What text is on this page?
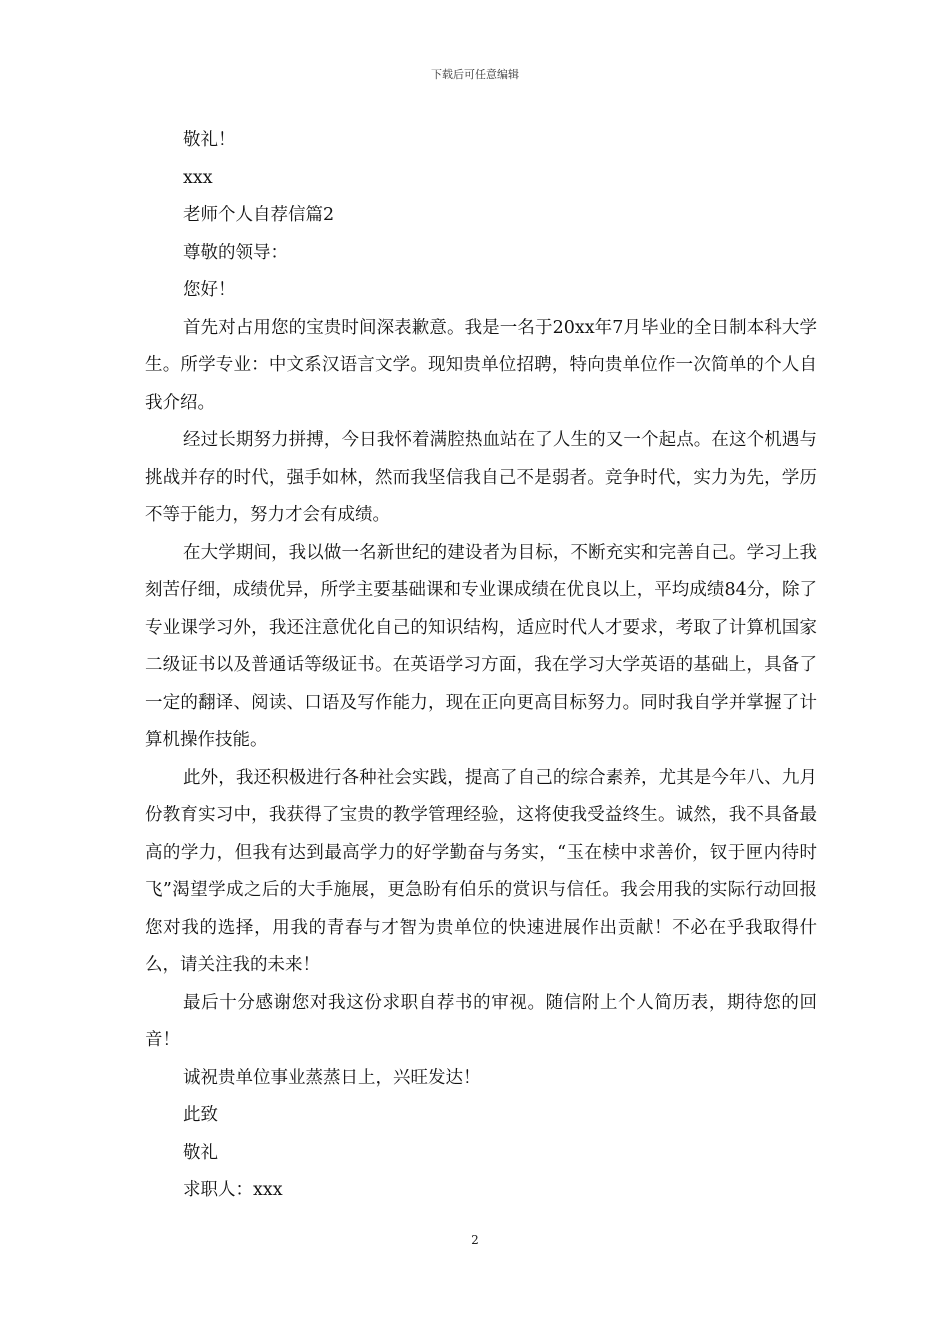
下载后可任意编辑
敬礼！
xxx
老师个人自荐信篇2
尊敬的领导：
您好！
首先对占用您的宝贵时间深表歉意。我是一名于20xx年7月毕业的全日制本科大学生。所学专业：中文系汉语言文学。现知贵单位招聘，特向贵单位作一次简单的个人自我介绍。
经过长期努力拼搏，今日我怀着满腔热血站在了人生的又一个起点。在这个机遇与挑战并存的时代，强手如林，然而我坚信我自己不是弱者。竞争时代，实力为先，学历不等于能力，努力才会有成绩。
在大学期间，我以做一名新世纪的建设者为目标，不断充实和完善自己。学习上我刻苦仔细，成绩优异，所学主要基础课和专业课成绩在优良以上，平均成绩84分，除了专业课学习外，我还注意优化自己的知识结构，适应时代人才要求，考取了计算机国家二级证书以及普通话等级证书。在英语学习方面，我在学习大学英语的基础上，具备了一定的翻译、阅读、口语及写作能力，现在正向更高目标努力。同时我自学并掌握了计算机操作技能。
此外，我还积极进行各种社会实践，提高了自己的综合素养，尤其是今年八、九月份教育实习中，我获得了宝贵的教学管理经验，这将使我受益终生。诚然，我不具备最高的学力，但我有达到最高学力的好学勤奋与务实，“玉在椟中求善价，钗于匣内待时飞”渴望学成之后的大手施展，更急盼有伯乐的赏识与信任。我会用我的实际行动回报您对我的选择，用我的青春与才智为贵单位的快速进展作出贡献！不必在乎我取得什么，请关注我的未来！
最后十分感谢您对我这份求职自荐书的审视。随信附上个人简历表，期待您的回音！
诚祝贵单位事业蒸蒸日上，兴旺发达！
此致
敬礼
求职人：xxx
2
